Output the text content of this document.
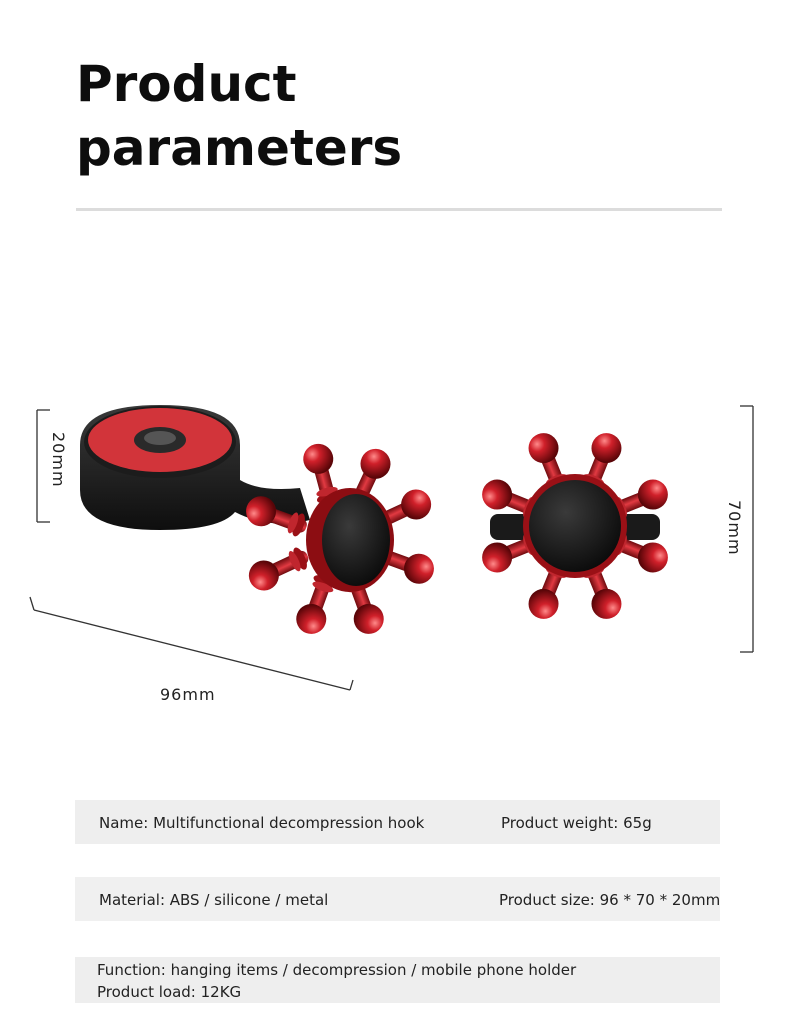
Product
parameters
20mm
70mm
96mm
Name: Multifunctional decompression hook	Product weight: 65g
Material: ABS / silicone / metal	Product size: 96 * 70 * 20mm
Function: hanging items / decompression / mobile phone holder
Product load: 12KG
